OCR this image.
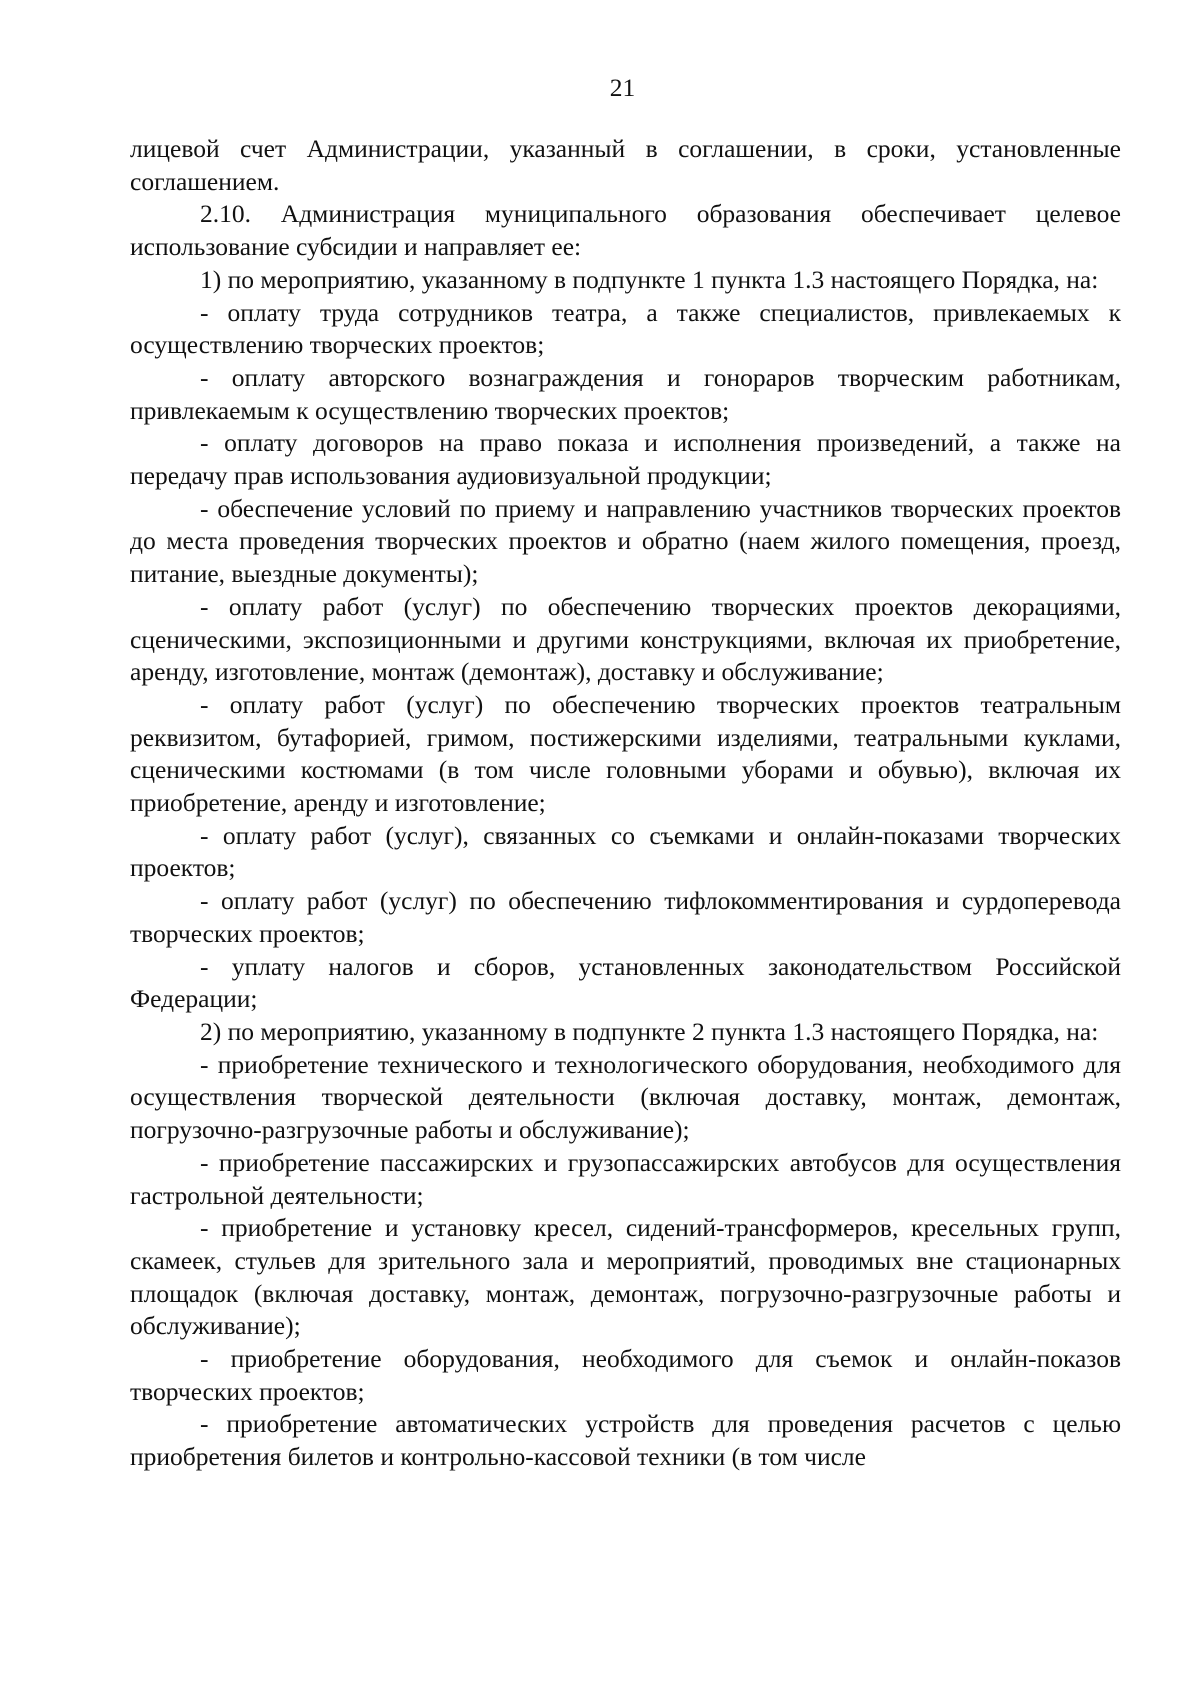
21

лицевой счет Администрации, указанный в соглашении, в сроки, установленные соглашением.

2.10. Администрация муниципального образования обеспечивает целевое использование субсидии и направляет ее:

1) по мероприятию, указанному в подпункте 1 пункта 1.3 настоящего Порядка, на:

- оплату труда сотрудников театра, а также специалистов, привлекаемых к осуществлению творческих проектов;

- оплату авторского вознаграждения и гонораров творческим работникам, привлекаемым к осуществлению творческих проектов;

- оплату договоров на право показа и исполнения произведений, а также на передачу прав использования аудиовизуальной продукции;

- обеспечение условий по приему и направлению участников творческих проектов до места проведения творческих проектов и обратно (наем жилого помещения, проезд, питание, выездные документы);

- оплату работ (услуг) по обеспечению творческих проектов декорациями, сценическими, экспозиционными и другими конструкциями, включая их приобретение, аренду, изготовление, монтаж (демонтаж), доставку и обслуживание;

- оплату работ (услуг) по обеспечению творческих проектов театральным реквизитом, бутафорией, гримом, постижерскими изделиями, театральными куклами, сценическими костюмами (в том числе головными уборами и обувью), включая их приобретение, аренду и изготовление;

- оплату работ (услуг), связанных со съемками и онлайн-показами творческих проектов;

- оплату работ (услуг) по обеспечению тифлокомментирования и сурдоперевода творческих проектов;

- уплату налогов и сборов, установленных законодательством Российской Федерации;

2) по мероприятию, указанному в подпункте 2 пункта 1.3 настоящего Порядка, на:

- приобретение технического и технологического оборудования, необходимого для осуществления творческой деятельности (включая доставку, монтаж, демонтаж, погрузочно-разгрузочные работы и обслуживание);

- приобретение пассажирских и грузопассажирских автобусов для осуществления гастрольной деятельности;

- приобретение и установку кресел, сидений-трансформеров, кресельных групп, скамеек, стульев для зрительного зала и мероприятий, проводимых вне стационарных площадок (включая доставку, монтаж, демонтаж, погрузочно-разгрузочные работы и обслуживание);

- приобретение оборудования, необходимого для съемок и онлайн-показов творческих проектов;

- приобретение автоматических устройств для проведения расчетов с целью приобретения билетов и контрольно-кассовой техники (в том числе
